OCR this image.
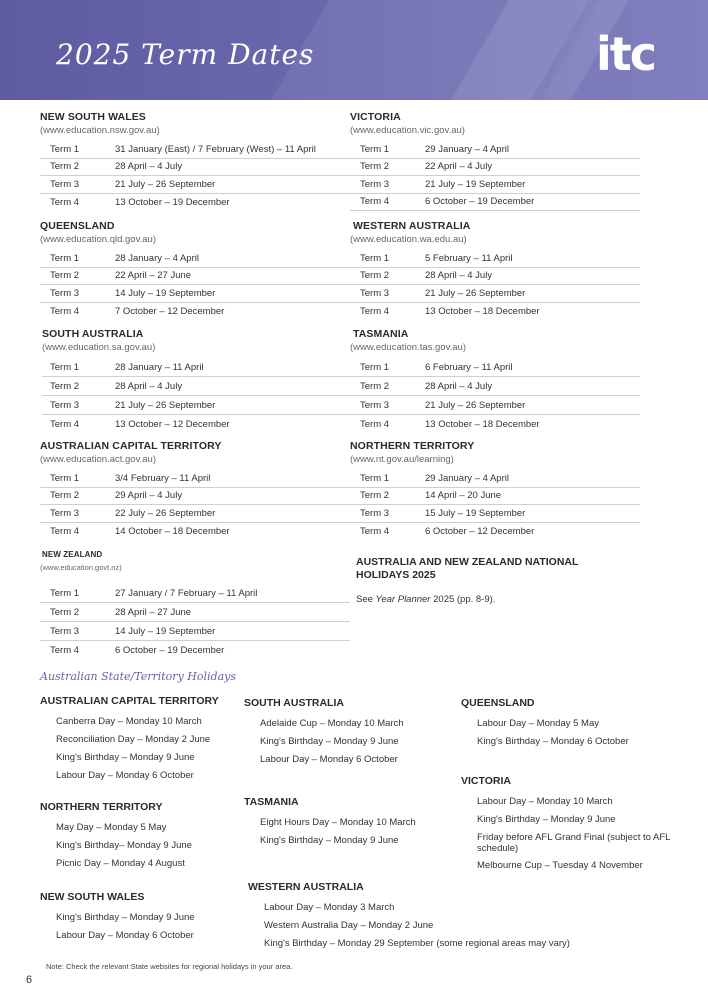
2025 Term Dates	itc
NEW SOUTH WALES
(www.education.nsw.gov.au)
Term 1	31 January (East) / 7 February (West) – 11 April
Term 2	28 April – 4 July
Term 3	21 July – 26 September
Term 4	13 October – 19 December
VICTORIA
(www.education.vic.gov.au)
Term 1	29 January – 4 April
Term 2	22 April – 4 July
Term 3	21 July – 19 September
Term 4	6 October – 19 December
QUEENSLAND
(www.education.qld.gov.au)
Term 1	28 January – 4 April
Term 2	22 April – 27 June
Term 3	14 July – 19 September
Term 4	7 October – 12 December
WESTERN AUSTRALIA
(www.education.wa.edu.au)
Term 1	5 February – 11 April
Term 2	28 April – 4 July
Term 3	21 July – 26 September
Term 4	13 October – 18 December
SOUTH AUSTRALIA
(www.education.sa.gov.au)
Term 1	28 January – 11 April
Term 2	28 April – 4 July
Term 3	21 July – 26 September
Term 4	13 October – 12 December
TASMANIA
(www.education.tas.gov.au)
Term 1	6 February – 11 April
Term 2	28 April – 4 July
Term 3	21 July – 26 September
Term 4	13 October – 18 December
AUSTRALIAN CAPITAL TERRITORY
(www.education.act.gov.au)
Term 1	3/4 February – 11 April
Term 2	29 April – 4 July
Term 3	22 July – 26 September
Term 4	14 October – 18 December
NORTHERN TERRITORY
(www.nt.gov.au/learning)
Term 1	29 January – 4 April
Term 2	14 April – 20 June
Term 3	15 July – 19 September
Term 4	6 October – 12 December
NEW ZEALAND
(www.education.govt.nz)
Term 1	27 January / 7 February – 11 April
Term 2	28 April – 27 June
Term 3	14 July – 19 September
Term 4	6 October – 19 December
AUSTRALIA AND NEW ZEALAND NATIONAL HOLIDAYS 2025

See Year Planner 2025 (pp. 8-9).

Australian State/Territory Holidays
AUSTRALIAN CAPITAL TERRITORY
Canberra Day – Monday 10 March
Reconciliation Day – Monday 2 June
King's Birthday – Monday 9 June
Labour Day – Monday 6 October
SOUTH AUSTRALIA
Adelaide Cup – Monday 10 March
King's Birthday – Monday 9 June
Labour Day – Monday 6 October
QUEENSLAND
Labour Day – Monday 5 May
King's Birthday – Monday 6 October
NORTHERN TERRITORY
May Day – Monday 5 May
King's Birthday– Monday 9 June
Picnic Day – Monday 4 August
TASMANIA
Eight Hours Day – Monday 10 March
King's Birthday – Monday 9 June
VICTORIA
Labour Day – Monday 10 March
King's Birthday – Monday 9 June
Friday before AFL Grand Final (subject to AFL schedule)
Melbourne Cup – Tuesday 4 November
NEW SOUTH WALES
King's Birthday – Monday 9 June
Labour Day – Monday 6 October
WESTERN AUSTRALIA
Labour Day – Monday 3 March
Western Australia Day – Monday 2 June
King's Birthday – Monday 29 September (some regional areas may vary)
Note: Check the relevant State websites for regional holidays in your area.
6
